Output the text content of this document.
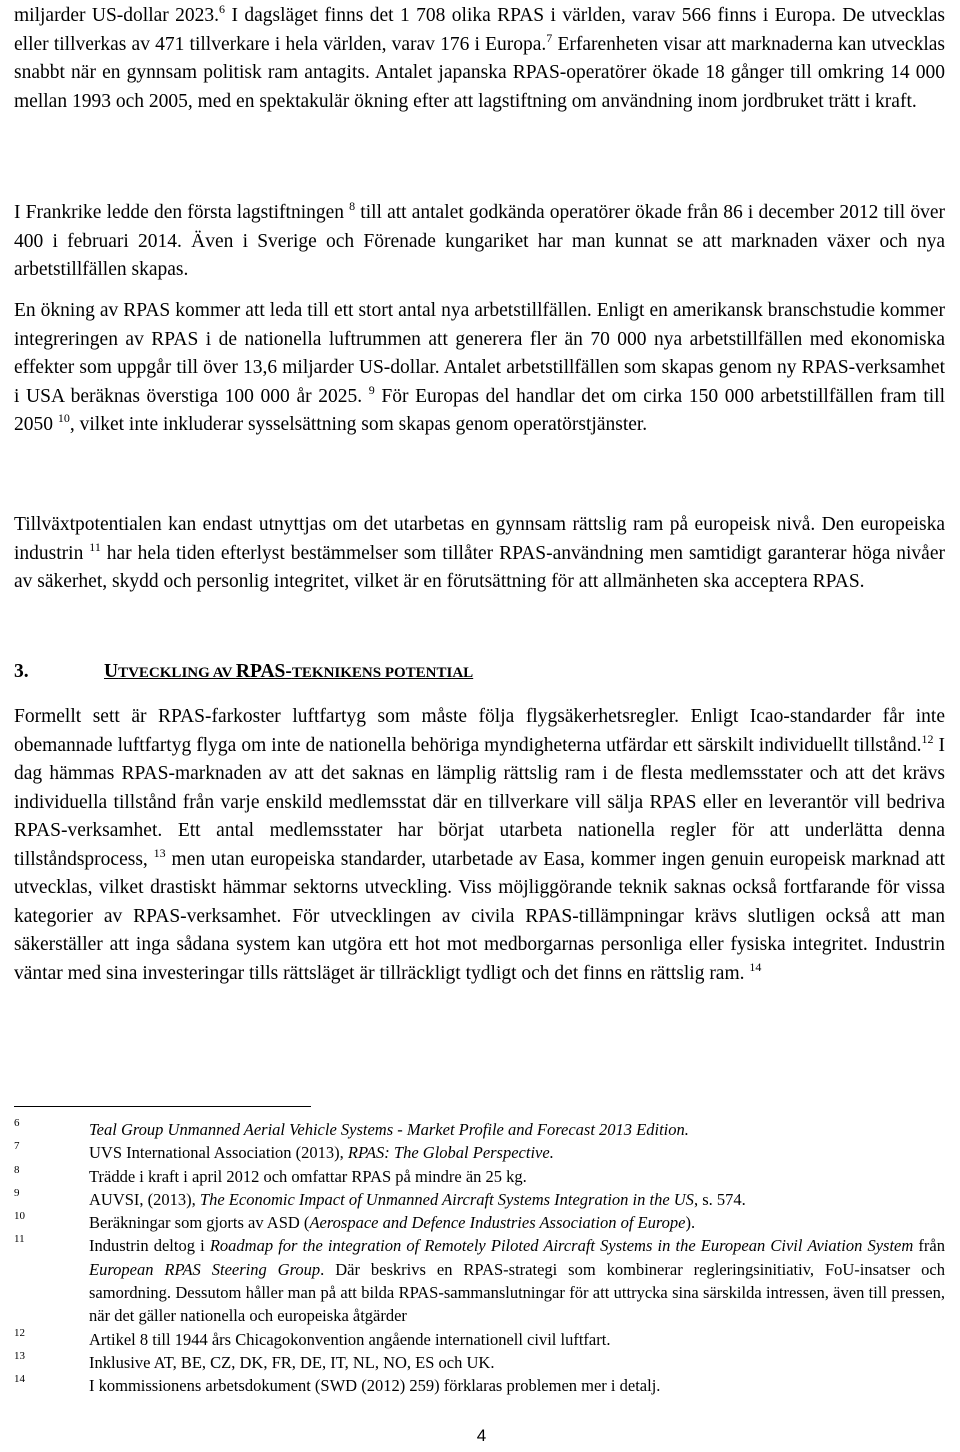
miljarder US-dollar 2023.$^6$ I dagsläget finns det 1 708 olika RPAS i världen, varav 566 finns i Europa. De utvecklas eller tillverkas av 471 tillverkare i hela världen, varav 176 i Europa.$^7$ Erfarenheten visar att marknaderna kan utvecklas snabbt när en gynnsam politisk ram antagits. Antalet japanska RPAS-operatörer ökade 18 gånger till omkring 14 000 mellan 1993 och 2005, med en spektakulär ökning efter att lagstiftning om användning inom jordbruket trätt i kraft.

I Frankrike ledde den första lagstiftningen $^8$ till att antalet godkända operatörer ökade från 86 i december 2012 till över 400 i februari 2014. Även i Sverige och Förenade kungariket har man kunnat se att marknaden växer och nya arbetstillfällen skapas.

En ökning av RPAS kommer att leda till ett stort antal nya arbetstillfällen. Enligt en amerikansk branschstudie kommer integreringen av RPAS i de nationella luftrummen att generera fler än 70 000 nya arbetstillfällen med ekonomiska effekter som uppgår till över 13,6 miljarder US-dollar. Antalet arbetstillfällen som skapas genom ny RPAS-verksamhet i USA beräknas överstiga 100 000 år 2025. $^9$ För Europas del handlar det om cirka 150 000 arbetstillfällen fram till 2050 $^{10}$, vilket inte inkluderar sysselsättning som skapas genom operatörstjänster.

Tillväxtpotentialen kan endast utnyttjas om det utarbetas en gynnsam rättslig ram på europeisk nivå. Den europeiska industrin $^{11}$ har hela tiden efterlyst bestämmelser som tillåter RPAS-användning men samtidigt garanterar höga nivåer av säkerhet, skydd och personlig integritet, vilket är en förutsättning för att allmänheten ska acceptera RPAS.

3.	UTVECKLING AV RPAS-TEKNIKENS POTENTIAL

Formellt sett är RPAS-farkoster luftfartyg som måste följa flygsäkerhetsregler. Enligt Icao-standarder får inte obemannade luftfartyg flyga om inte de nationella behöriga myndigheterna utfärdar ett särskilt individuellt tillstånd.$^{12}$ I dag hämmas RPAS-marknaden av att det saknas en lämplig rättslig ram i de flesta medlemsstater och att det krävs individuella tillstånd från varje enskild medlemsstat där en tillverkare vill sälja RPAS eller en leverantör vill bedriva RPAS-verksamhet. Ett antal medlemsstater har börjat utarbeta nationella regler för att underlätta denna tillståndsprocess, $^{13}$ men utan europeiska standarder, utarbetade av Easa, kommer ingen genuin europeisk marknad att utvecklas, vilket drastiskt hämmar sektorns utveckling. Viss möjliggörande teknik saknas också fortfarande för vissa kategorier av RPAS-verksamhet. För utvecklingen av civila RPAS-tillämpningar krävs slutligen också att man säkerställer att inga sådana system kan utgöra ett hot mot medborgarnas personliga eller fysiska integritet. Industrin väntar med sina investeringar tills rättsläget är tillräckligt tydligt och det finns en rättslig ram. $^{14}$

6	Teal Group Unmanned Aerial Vehicle Systems - Market Profile and Forecast 2013 Edition.
7	UVS International Association (2013), RPAS: The Global Perspective.
8	Trädde i kraft i april 2012 och omfattar RPAS på mindre än 25 kg.
9	AUVSI, (2013), The Economic Impact of Unmanned Aircraft Systems Integration in the US, s. 574.
10	Beräkningar som gjorts av ASD (Aerospace and Defence Industries Association of Europe).
11	Industrin deltog i Roadmap for the integration of Remotely Piloted Aircraft Systems in the European Civil Aviation System från European RPAS Steering Group. Där beskrivs en RPAS-strategi som kombinerar regleringsinitiativ, FoU-insatser och samordning. Dessutom håller man på att bilda RPAS-sammanslutningar för att uttrycka sina särskilda intressen, även till pressen, när det gäller nationella och europeiska åtgärder
12	Artikel 8 till 1944 års Chicagokonvention angående internationell civil luftfart.
13	Inklusive AT, BE, CZ, DK, FR, DE, IT, NL, NO, ES och UK.
14	I kommissionens arbetsdokument (SWD (2012) 259) förklaras problemen mer i detalj.
4
